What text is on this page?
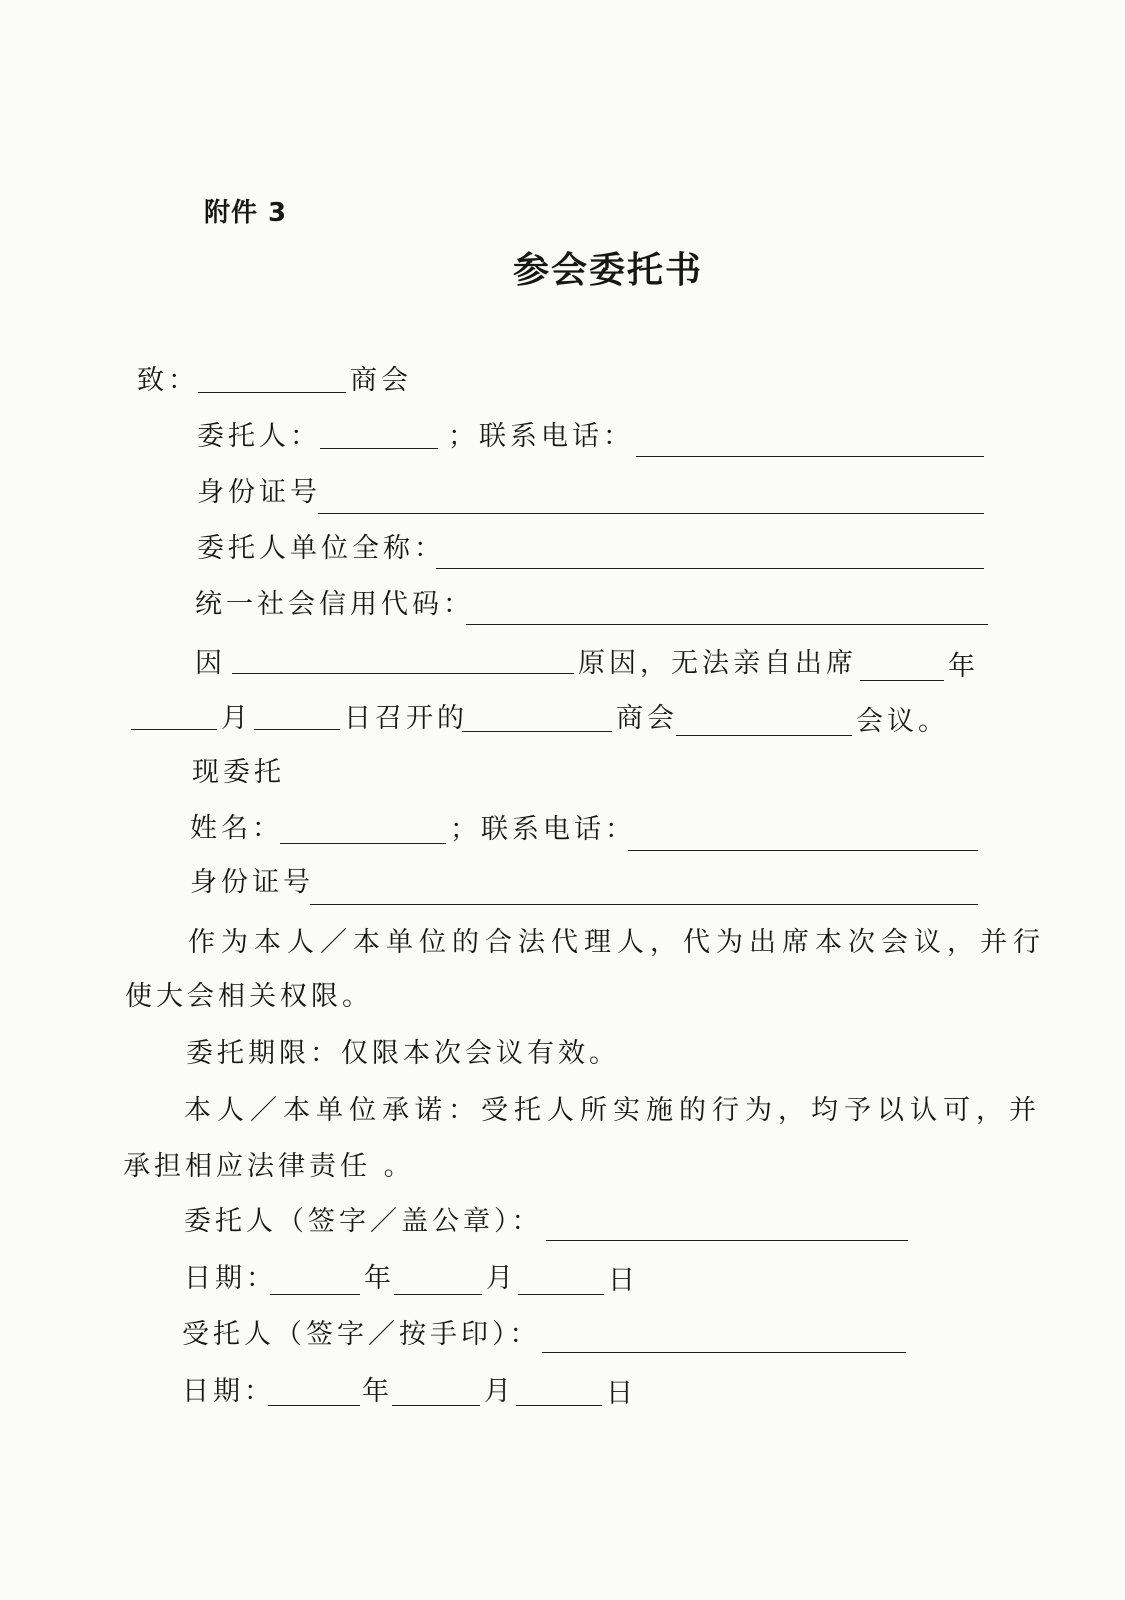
附件 3
参会委托书
致：	商会
委托人：	；联系电话：
身份证号
委托人单位全称：
统一社会信用代码：
因	原因，无法亲自出席	年
月	日召开的	商会	会议。
现委托
姓名：	；联系电话：
身份证号
作为本人／本单位的合法代理人，代为出席本次会议，并行
使大会相关权限。
委托期限：仅限本次会议有效。
本人／本单位承诺：受托人所实施的行为，均予以认可，并
承担相应法律责任 。
委托人（签字／盖公章）：
日期：	年	月	日
受托人（签字／按手印）：
日期：	年	月	日
